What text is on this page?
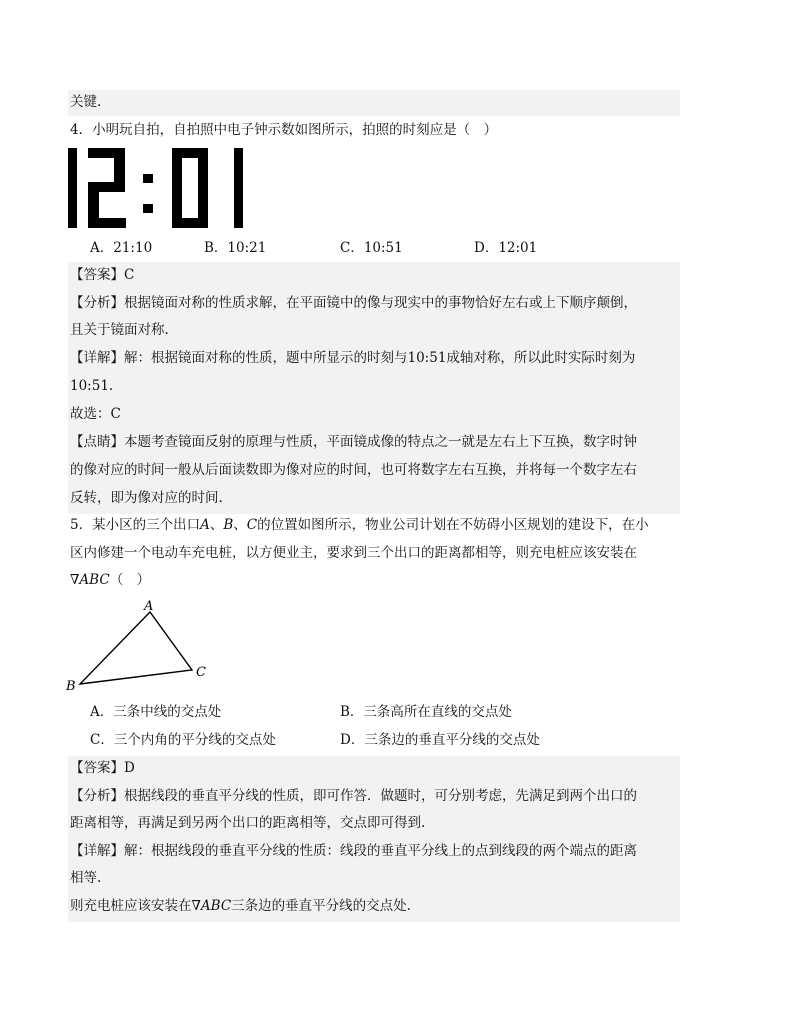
关键.
4．小明玩自拍，自拍照中电子钟示数如图所示，拍照的时刻应是（　）
A．21:10	B．10:21	C．10:51	D．12:01
【答案】C
【分析】根据镜面对称的性质求解，在平面镜中的像与现实中的事物恰好左右或上下顺序颠倒，
且关于镜面对称.
【详解】解：根据镜面对称的性质，题中所显示的时刻与10:51成轴对称，所以此时实际时刻为
10:51.
故选：C
【点睛】本题考查镜面反射的原理与性质，平面镜成像的特点之一就是左右上下互换，数字时钟
的像对应的时间一般从后面读数即为像对应的时间，也可将数字左右互换，并将每一个数字左右
反转，即为像对应的时间.
5．某小区的三个出口A、B、C的位置如图所示，物业公司计划在不妨碍小区规划的建设下，在小
区内修建一个电动车充电桩，以方便业主，要求到三个出口的距离都相等，则充电桩应该安装在
∇ABC（　）
A
B
C
A．三条中线的交点处	B．三条高所在直线的交点处
C．三个内角的平分线的交点处	D．三条边的垂直平分线的交点处
【答案】D
【分析】根据线段的垂直平分线的性质，即可作答．做题时，可分别考虑，先满足到两个出口的
距离相等，再满足到另两个出口的距离相等，交点即可得到.
【详解】解：根据线段的垂直平分线的性质：线段的垂直平分线上的点到线段的两个端点的距离
相等.
则充电桩应该安装在∇ABC三条边的垂直平分线的交点处.
